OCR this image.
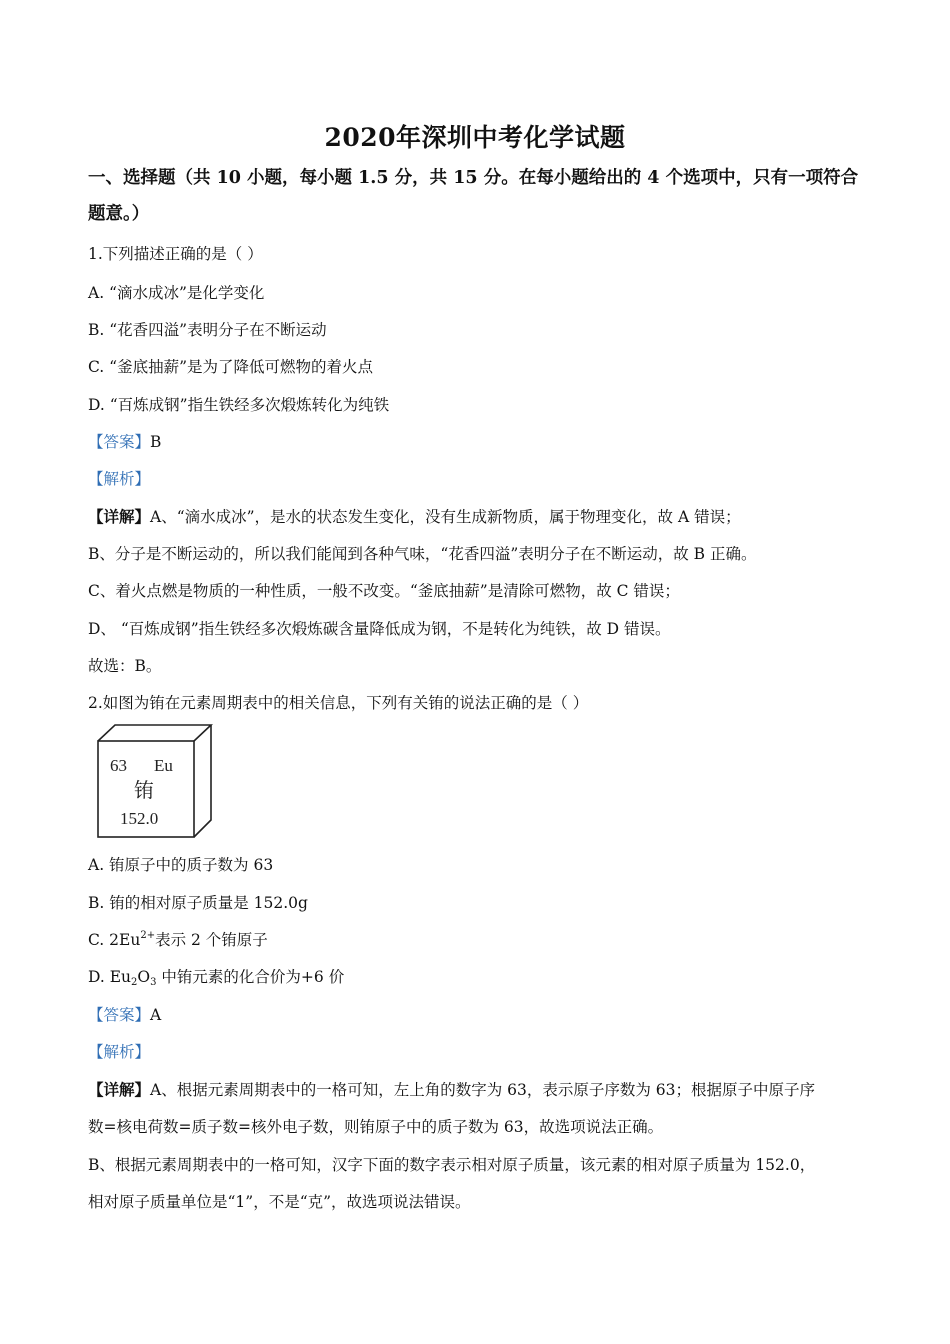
2020年深圳中考化学试题
一、选择题（共 10 小题，每小题 1.5 分，共 15 分。在每小题给出的 4 个选项中，只有一项符合题意。）
1.下列描述正确的是（ ）
A. “滴水成冰”是化学变化
B. “花香四溢”表明分子在不断运动
C. “釜底抽薪”是为了降低可燃物的着火点
D. “百炼成钢”指生铁经多次煅炼转化为纯铁
【答案】B
【解析】
【详解】A、“滴水成冰”，是水的状态发生变化，没有生成新物质，属于物理变化，故 A 错误；
B、分子是不断运动的，所以我们能闻到各种气味，“花香四溢”表明分子在不断运动，故 B 正确。
C、着火点燃是物质的一种性质，一般不改变。“釜底抽薪”是清除可燃物，故 C 错误；
D、 “百炼成钢”指生铁经多次煅炼碳含量降低成为钢，不是转化为纯铁，故 D 错误。
故选：B。
2.如图为铕在元素周期表中的相关信息，下列有关铕的说法正确的是（ ）
63 Eu
铕
152.0
A. 铕原子中的质子数为 63
B. 铕的相对原子质量是 152.0g
C. $2Eu^{2+}$表示 2 个铕原子
D. $Eu_2O_3$ 中铕元素的化合价为+6 价
【答案】A
【解析】
【详解】A、根据元素周期表中的一格可知，左上角的数字为 63，表示原子序数为 63；根据原子中原子序
数=核电荷数=质子数=核外电子数，则铕原子中的质子数为 63，故选项说法正确。
B、根据元素周期表中的一格可知，汉字下面的数字表示相对原子质量，该元素的相对原子质量为 152.0，
相对原子质量单位是“1”，不是“克”，故选项说法错误。
